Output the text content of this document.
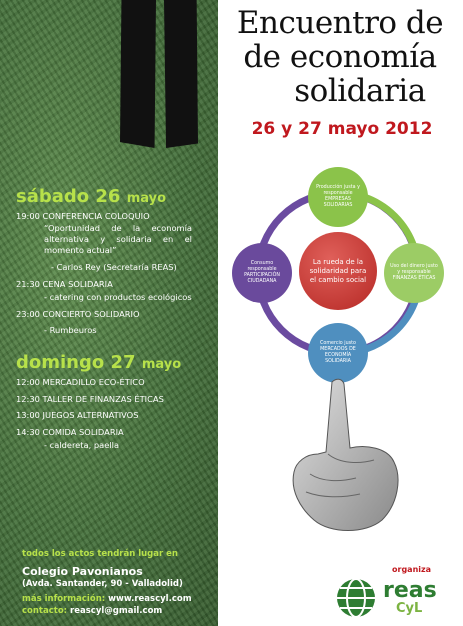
sábado 26 mayo
19:00 CONFERENCIA COLOQUIO
“Oportunidad de la economía alternativa y solidaria en el momento actual”
- Carlos Rey (Secretaría REAS)
21:30 CENA SOLIDARIA
- catering con productos ecológicos
23:00 CONCIERTO SOLIDARIO
- Rumbeuros
domingo 27 mayo
12:00 MERCADILLO ECO-ÉTICO
12:30 TALLER DE FINANZAS ÉTICAS
13:00 JUEGOS ALTERNATIVOS
14:30 COMIDA SOLIDARIA
- caldereta, paella
todos los actos tendrán lugar en
Colegio Pavonianos
(Avda. Santander, 90 - Valladolid)
más información: www.reascyl.com
contacto: reascyl@gmail.com
Encuentro de
de economía
solidaria
26 y 27 mayo 2012
Producción justa y responsable EMPRESAS SOLIDARIAS
Uso del dinero justo y responsable FINANZAS ÉTICAS
Comercio justo MERCADOS DE ECONOMÍA SOLIDARIA
Consumo responsable PARTICIPACIÓN CIUDADANA
La rueda de la solidaridad para el cambio social
organiza
reas
CyL
